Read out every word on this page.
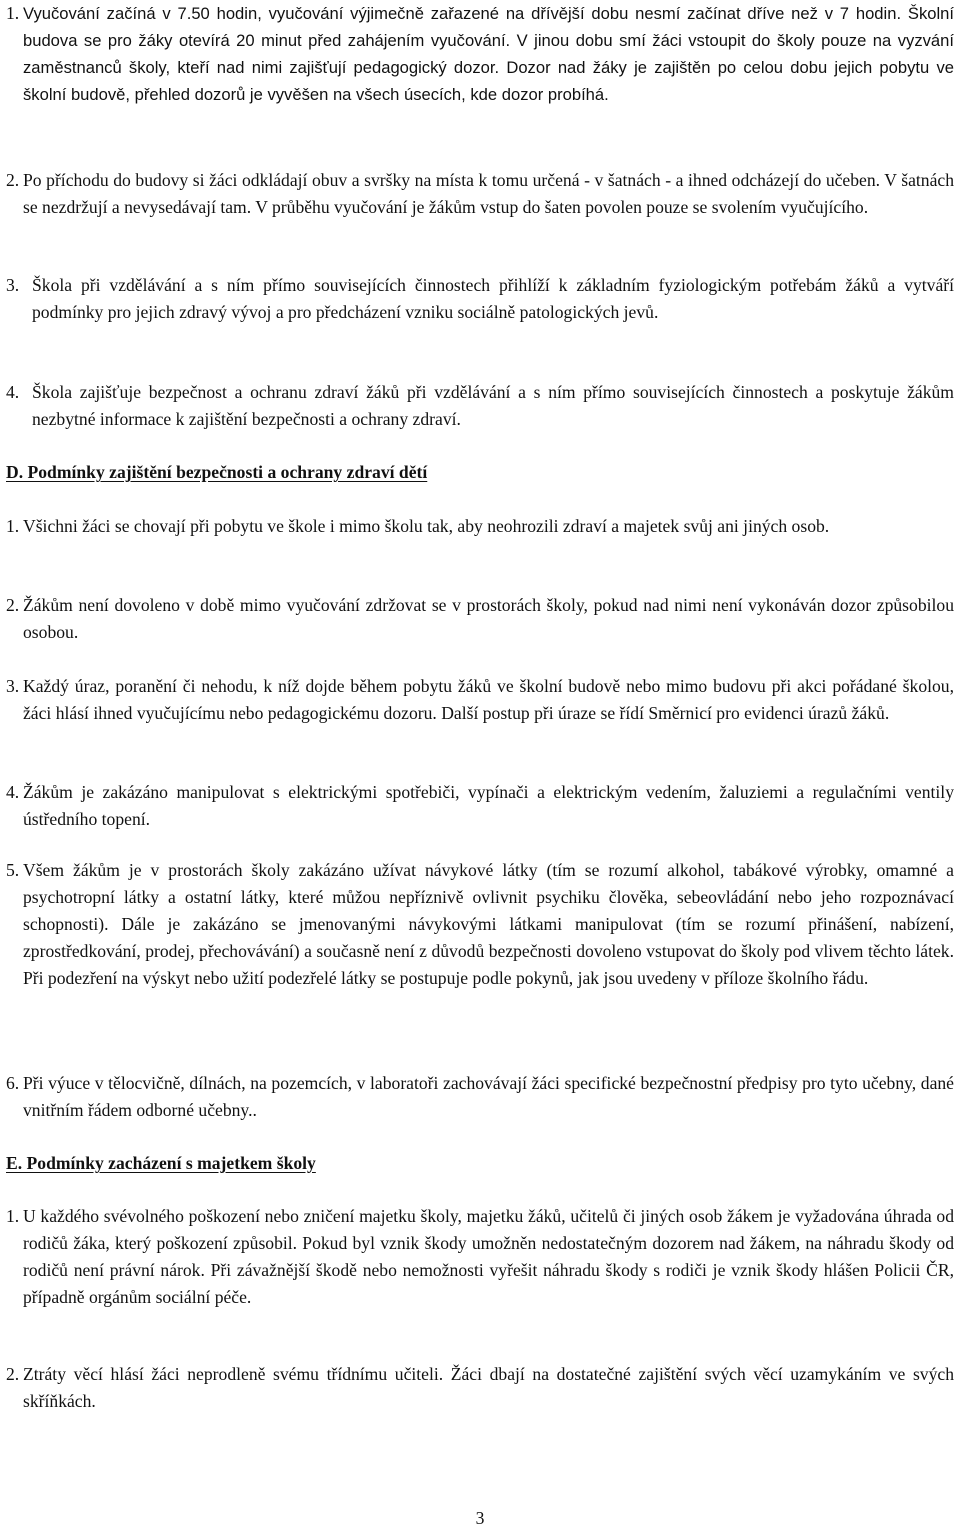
1. Vyučování začíná v 7.50 hodin, vyučování výjimečně zařazené na dřívější dobu nesmí začínat dříve než v 7 hodin. Školní budova se pro žáky otevírá 20 minut před zahájením vyučování. V jinou dobu smí žáci vstoupit do školy pouze na vyzvání zaměstnanců školy, kteří nad nimi zajišťují pedagogický dozor. Dozor nad žáky je zajištěn po celou dobu jejich pobytu ve školní budově, přehled dozorů je vyvěšen na všech úsecích, kde dozor probíhá.
2. Po příchodu do budovy si žáci odkládají obuv a svršky na místa k tomu určená - v šatnách - a ihned odcházejí do učeben. V šatnách se nezdržují a nevysedávají tam. V průběhu vyučování je žákům vstup do šaten povolen pouze se svolením vyučujícího.
3. Škola při vzdělávání a s ním přímo souvisejících činnostech přihlíží k základním fyziologickým potřebám žáků a vytváří podmínky pro jejich zdravý vývoj a pro předcházení vzniku sociálně patologických jevů.
4. Škola zajišťuje bezpečnost a ochranu zdraví žáků při vzdělávání a s ním přímo souvisejících činnostech a poskytuje žákům nezbytné informace k zajištění bezpečnosti a ochrany zdraví.
D. Podmínky zajištění bezpečnosti a ochrany zdraví dětí
1. Všichni žáci se chovají při pobytu ve škole i mimo školu tak, aby neohrozili zdraví a majetek svůj ani jiných osob.
2. Žákům není dovoleno v době mimo vyučování zdržovat se v prostorách školy, pokud nad nimi není vykonáván dozor způsobilou osobou.
3. Každý úraz, poranění či nehodu, k níž dojde během pobytu žáků ve školní budově nebo mimo budovu při akci pořádané školou, žáci hlásí ihned vyučujícímu nebo pedagogickému dozoru. Další postup při úraze se řídí Směrnicí pro evidenci úrazů žáků.
4. Žákům je zakázáno manipulovat s elektrickými spotřebiči, vypínači a elektrickým vedením, žaluziemi a regulačními ventily ústředního topení.
5. Všem žákům je v prostorách školy zakázáno užívat návykové látky (tím se rozumí alkohol, tabákové výrobky, omamné a psychotropní látky a ostatní látky, které můžou nepříznivě ovlivnit psychiku člověka, sebeovládání nebo jeho rozpoznávací schopnosti). Dále je zakázáno se jmenovanými návykovými látkami manipulovat (tím se rozumí přinášení, nabízení, zprostředkování, prodej, přechovávání) a současně není z důvodů bezpečnosti dovoleno vstupovat do školy pod vlivem těchto látek. Při podezření na výskyt nebo užití podezřelé látky se postupuje podle pokynů, jak jsou uvedeny v příloze školního řádu.
6. Při výuce v tělocvičně, dílnách, na pozemcích, v laboratoři zachovávají žáci specifické bezpečnostní předpisy pro tyto učebny, dané vnitřním řádem odborné učebny..
E. Podmínky zacházení s majetkem školy
1. U každého svévolného poškození nebo zničení majetku školy, majetku žáků, učitelů či jiných osob žákem je vyžadována úhrada od rodičů žáka, který poškození způsobil. Pokud byl vznik škody umožněn nedostatečným dozorem nad žákem, na náhradu škody od rodičů není právní nárok. Při závažnější škodě nebo nemožnosti vyřešit náhradu škody s rodiči je vznik škody hlášen Policii ČR, případně orgánům sociální péče.
2. Ztráty věcí hlásí žáci neprodleně svému třídnímu učiteli. Žáci dbají na dostatečné zajištění svých věcí uzamykáním ve svých skříňkách.
3
